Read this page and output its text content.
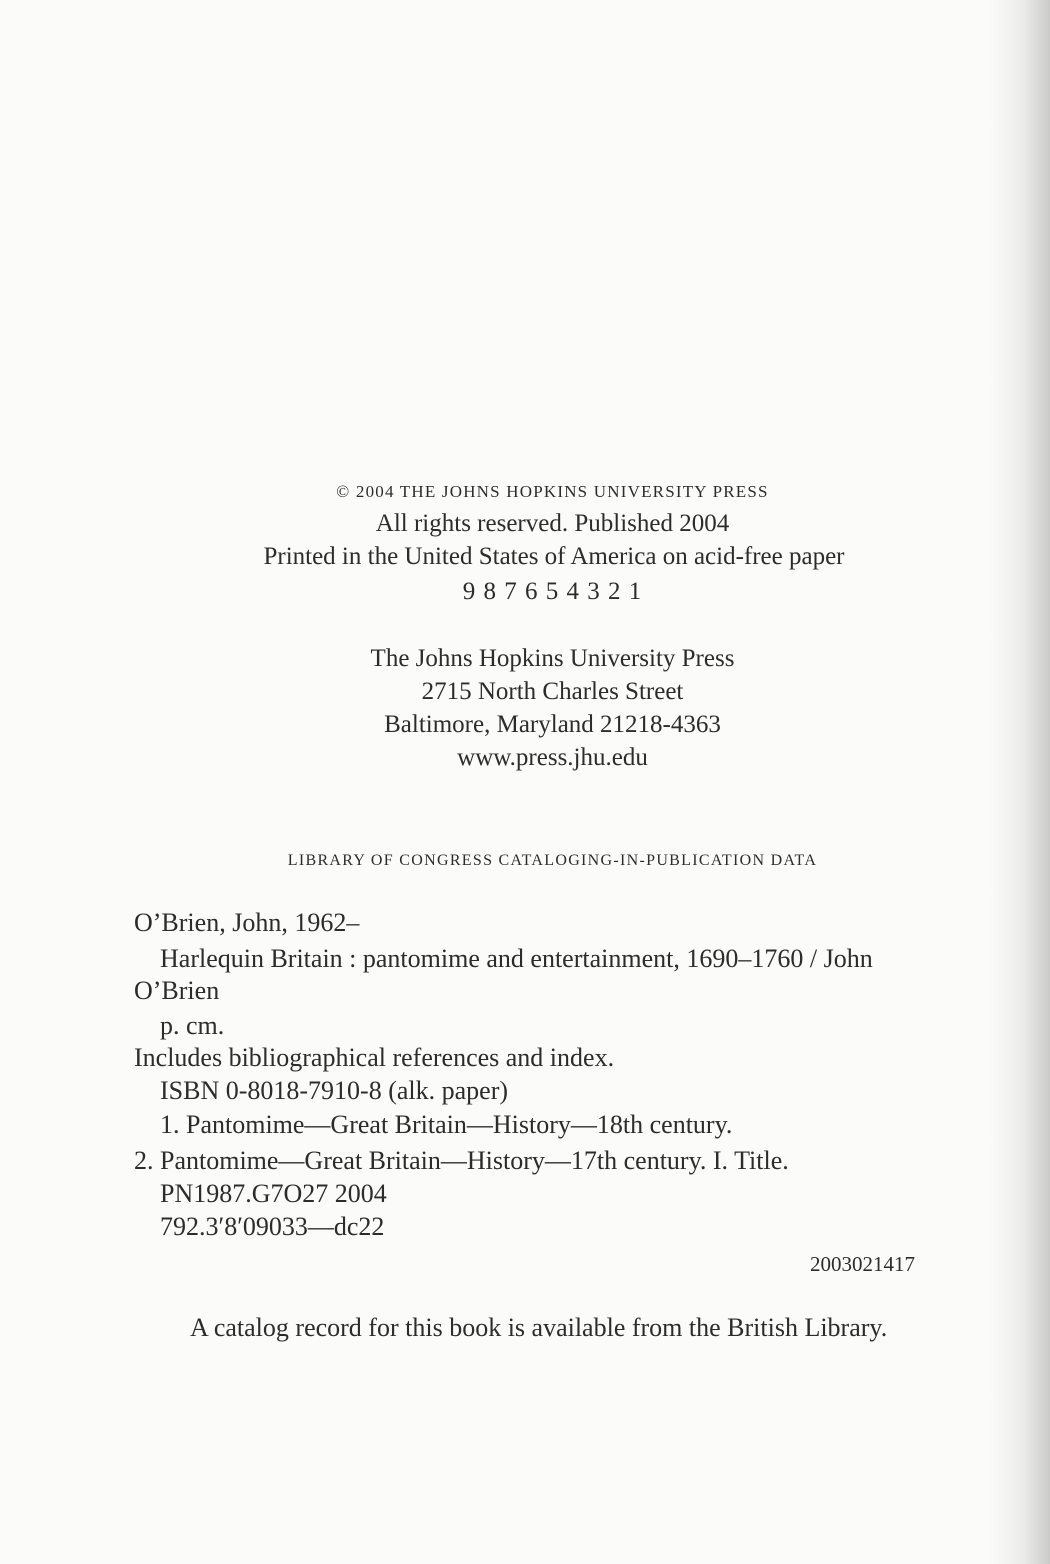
© 2004 THE JOHNS HOPKINS UNIVERSITY PRESS
All rights reserved. Published 2004
Printed in the United States of America on acid-free paper
9 8 7 6 5 4 3 2 1
The Johns Hopkins University Press
2715 North Charles Street
Baltimore, Maryland 21218-4363
www.press.jhu.edu
LIBRARY OF CONGRESS CATALOGING-IN-PUBLICATION DATA
O’Brien, John, 1962–
Harlequin Britain : pantomime and entertainment, 1690–1760 / John
O’Brien
p. cm.
Includes bibliographical references and index.
ISBN 0-8018-7910-8 (alk. paper)
1. Pantomime—Great Britain—History—18th century.
2. Pantomime—Great Britain—History—17th century. I. Title.
PN1987.G7O27 2004
792.3′8′09033—dc22
2003021417
A catalog record for this book is available from the British Library.
